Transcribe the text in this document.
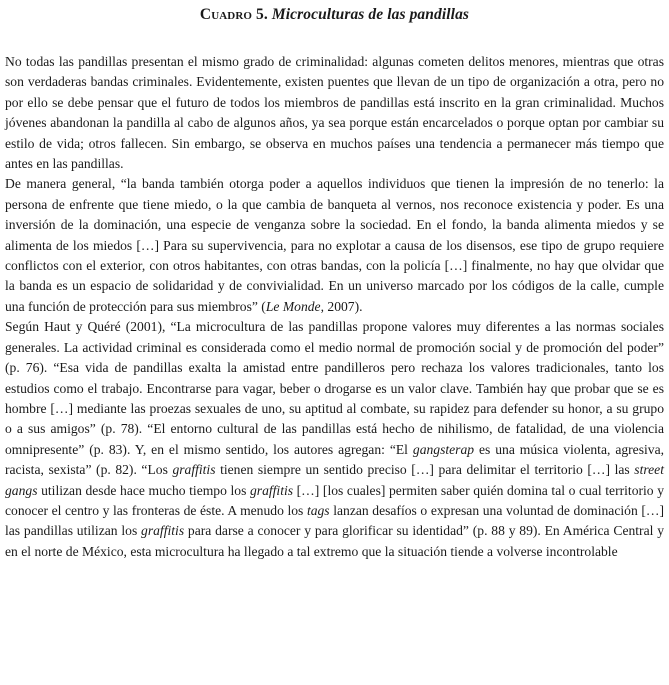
Cuadro 5. Microculturas de las pandillas

No todas las pandillas presentan el mismo grado de criminalidad: algunas cometen delitos menores, mientras que otras son verdaderas bandas criminales. Evidentemente, existen puentes que llevan de un tipo de organización a otra, pero no por ello se debe pensar que el futuro de todos los miembros de pandillas está inscrito en la gran criminalidad. Muchos jóvenes abandonan la pandilla al cabo de algunos años, ya sea porque están encarcelados o porque optan por cambiar su estilo de vida; otros fallecen. Sin embargo, se observa en muchos países una tendencia a permanecer más tiempo que antes en las pandillas.

De manera general, “la banda también otorga poder a aquellos individuos que tienen la impresión de no tenerlo: la persona de enfrente que tiene miedo, o la que cambia de banqueta al vernos, nos reconoce existencia y poder. Es una inversión de la dominación, una especie de venganza sobre la sociedad. En el fondo, la banda alimenta miedos y se alimenta de los miedos […] Para su supervivencia, para no explotar a causa de los disensos, ese tipo de grupo requiere conflictos con el exterior, con otros habitantes, con otras bandas, con la policía […] finalmente, no hay que olvidar que la banda es un espacio de solidaridad y de convivialidad. En un universo marcado por los códigos de la calle, cumple una función de protección para sus miembros” (Le Monde, 2007).

Según Haut y Quéré (2001), “La microcultura de las pandillas propone valores muy diferentes a las normas sociales generales. La actividad criminal es considerada como el medio normal de promoción social y de promoción del poder” (p. 76). “Esa vida de pandillas exalta la amistad entre pandilleros pero rechaza los valores tradicionales, tanto los estudios como el trabajo. Encontrarse para vagar, beber o drogarse es un valor clave. También hay que probar que se es hombre […] mediante las proezas sexuales de uno, su aptitud al combate, su rapidez para defender su honor, a su grupo o a sus amigos” (p. 78). “El entorno cultural de las pandillas está hecho de nihilismo, de fatalidad, de una violencia omnipresente” (p. 83). Y, en el mismo sentido, los autores agregan: “El gangsterap es una música violenta, agresiva, racista, sexista” (p. 82). “Los graffitis tienen siempre un sentido preciso […] para delimitar el territorio […] las street gangs utilizan desde hace mucho tiempo los graffitis […] [los cuales] permiten saber quién domina tal o cual territorio y conocer el centro y las fronteras de éste. A menudo los tags lanzan desafíos o expresan una voluntad de dominación […] las pandillas utilizan los graffitis para darse a conocer y para glorificar su identidad” (p. 88 y 89). En América Central y en el norte de México, esta microcultura ha llegado a tal extremo que la situación tiende a volverse incontrolable
